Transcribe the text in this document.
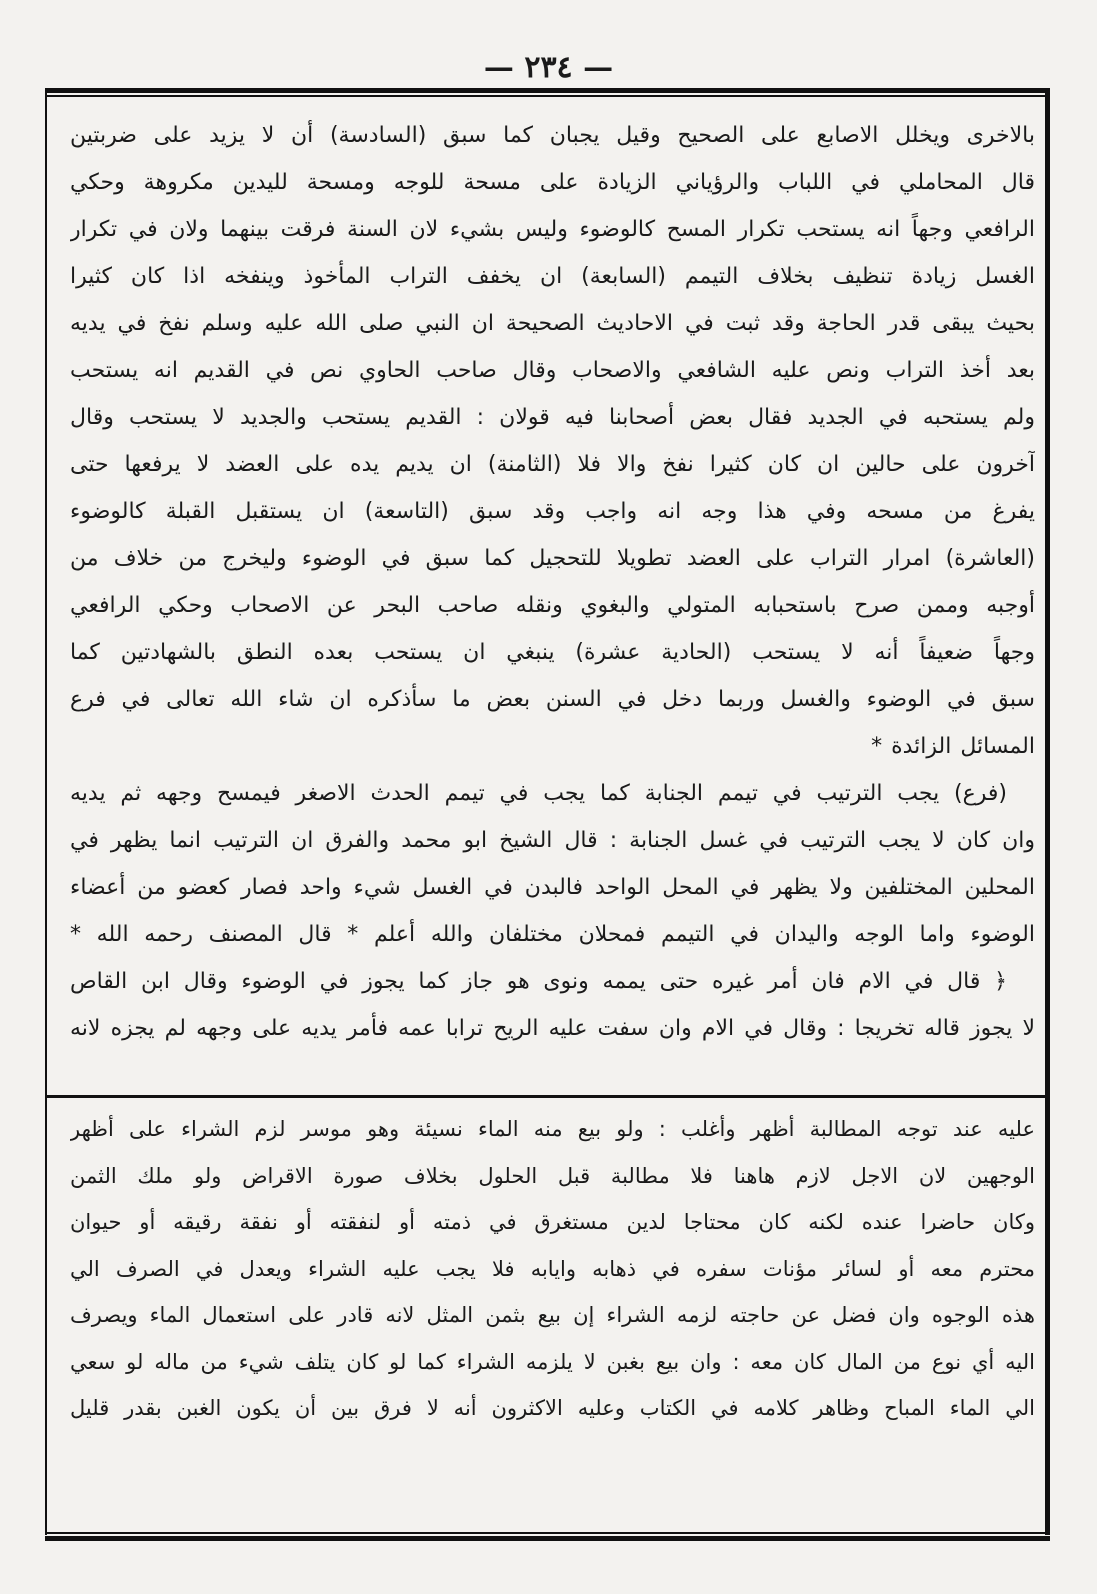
— ٢٣٤ —
بالاخرى ويخلل الاصابع على الصحيح وقيل يجبان كما سبق (السادسة) أن لا يزيد على ضربتين
قال المحاملي في اللباب والرؤياني الزيادة على مسحة للوجه ومسحة لليدين مكروهة وحكي
الرافعي وجهاً انه يستحب تكرار المسح كالوضوء وليس بشيء لان السنة فرقت بينهما ولان في تكرار
الغسل زيادة تنظيف بخلاف التيمم (السابعة) ان يخفف التراب المأخوذ وينفخه اذا كان كثيرا
بحيث يبقى قدر الحاجة وقد ثبت في الاحاديث الصحيحة ان النبي صلى الله عليه وسلم نفخ في يديه
بعد أخذ التراب ونص عليه الشافعي والاصحاب وقال صاحب الحاوي نص في القديم انه يستحب
ولم يستحبه في الجديد فقال بعض أصحابنا فيه قولان : القديم يستحب والجديد لا يستحب وقال
آخرون على حالين ان كان كثيرا نفخ والا فلا (الثامنة) ان يديم يده على العضد لا يرفعها حتى
يفرغ من مسحه وفي هذا وجه انه واجب وقد سبق (التاسعة) ان يستقبل القبلة كالوضوء
(العاشرة) امرار التراب على العضد تطويلا للتحجيل كما سبق في الوضوء وليخرج من خلاف من
أوجبه وممن صرح باستحبابه المتولي والبغوي ونقله صاحب البحر عن الاصحاب وحكي الرافعي
وجهاً ضعيفاً أنه لا يستحب (الحادية عشرة) ينبغي ان يستحب بعده النطق بالشهادتين كما
سبق في الوضوء والغسل وربما دخل في السنن بعض ما سأذكره ان شاء الله تعالى في فرع
المسائل الزائدة *
(فرع) يجب الترتيب في تيمم الجنابة كما يجب في تيمم الحدث الاصغر فيمسح وجهه ثم يديه
وان كان لا يجب الترتيب في غسل الجنابة : قال الشيخ ابو محمد والفرق ان الترتيب انما يظهر في
المحلين المختلفين ولا يظهر في المحل الواحد فالبدن في الغسل شيء واحد فصار كعضو من أعضاء
الوضوء واما الوجه واليدان في التيمم فمحلان مختلفان والله أعلم * قال المصنف رحمه الله *
﴿ قال في الام فان أمر غيره حتى يممه ونوى هو جاز كما يجوز في الوضوء وقال ابن القاص
لا يجوز قاله تخريجا : وقال في الام وان سفت عليه الريح ترابا عمه فأمر يديه على وجهه لم يجزه لانه
عليه عند توجه المطالبة أظهر وأغلب : ولو بيع منه الماء نسيئة وهو موسر لزم الشراء على أظهر
الوجهين لان الاجل لازم هاهنا فلا مطالبة قبل الحلول بخلاف صورة الاقراض ولو ملك الثمن
وكان حاضرا عنده لكنه كان محتاجا لدين مستغرق في ذمته أو لنفقته أو نفقة رقيقه أو حيوان
محترم معه أو لسائر مؤنات سفره في ذهابه وايابه فلا يجب عليه الشراء ويعدل في الصرف الي
هذه الوجوه وان فضل عن حاجته لزمه الشراء إن بيع بثمن المثل لانه قادر على استعمال الماء ويصرف
اليه أي نوع من المال كان معه : وان بيع بغبن لا يلزمه الشراء كما لو كان يتلف شيء من ماله لو سعي
الي الماء المباح وظاهر كلامه في الكتاب وعليه الاكثرون أنه لا فرق بين أن يكون الغبن بقدر قليل
